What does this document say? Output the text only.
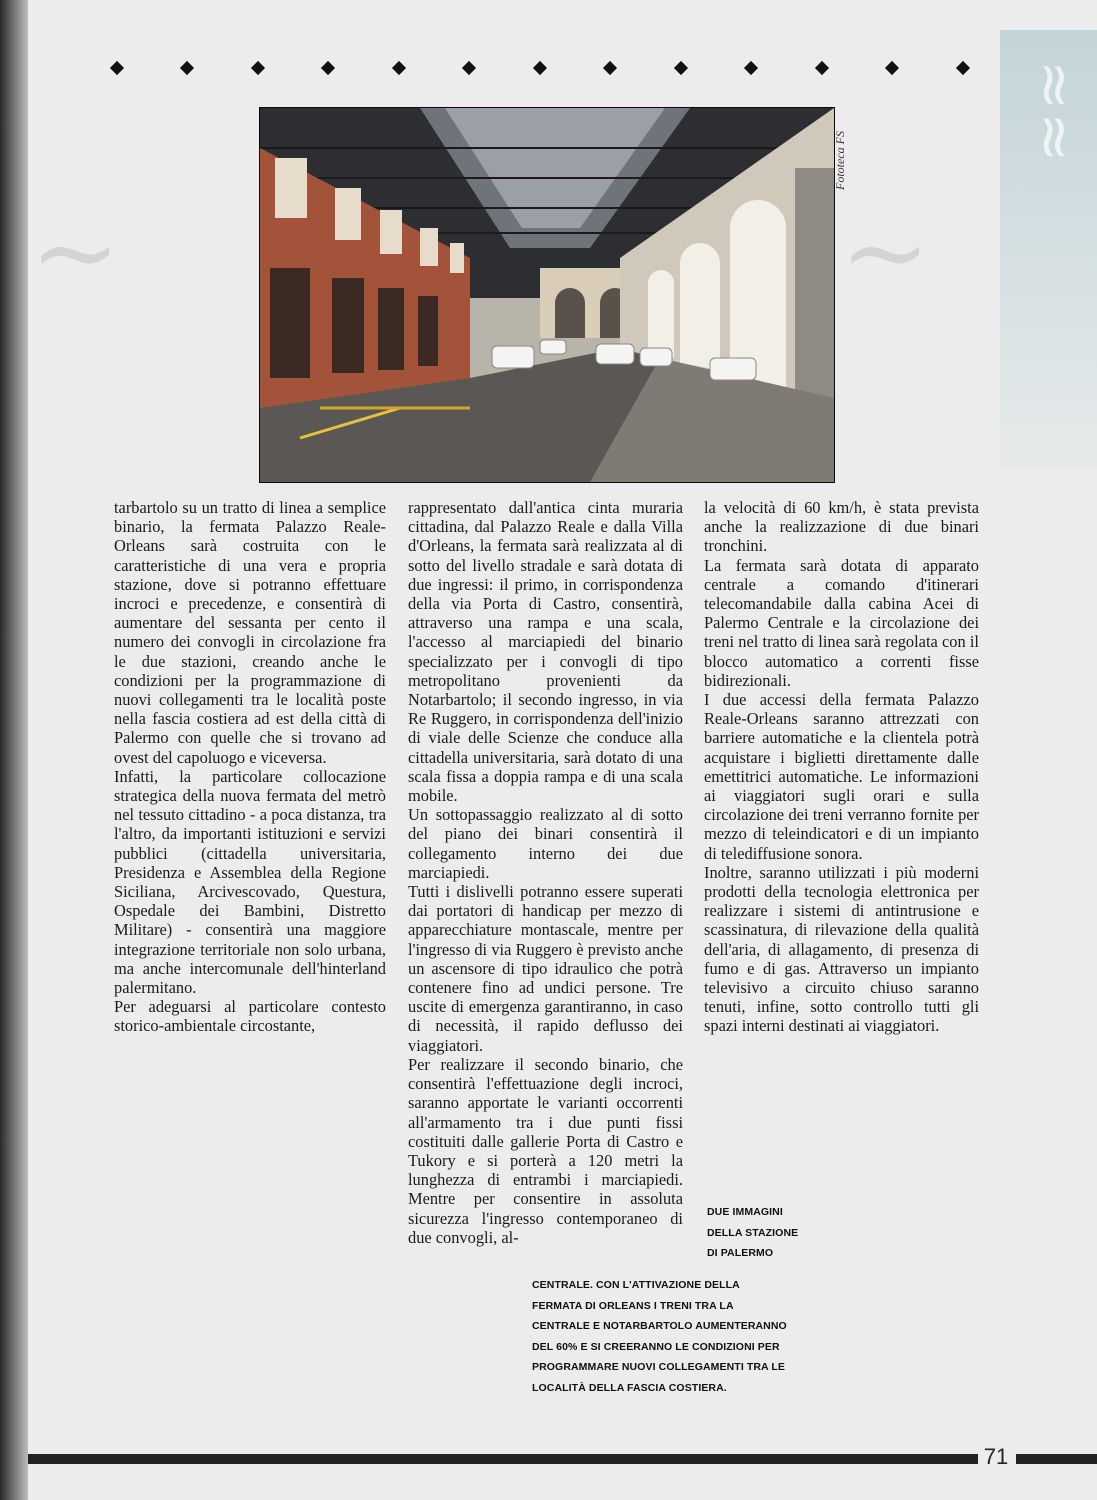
≈≈
~	~
Fototeca FS

tarbartolo su un tratto di linea a semplice binario, la fermata Palazzo Reale-Orleans sarà costruita con le caratteristiche di una vera e propria stazione, dove si potranno effettuare incroci e precedenze, e consentirà di aumentare del sessanta per cento il numero dei convogli in circolazione fra le due stazioni, creando anche le condizioni per la programmazione di nuovi collegamenti tra le località poste nella fascia costiera ad est della città di Palermo con quelle che si trovano ad ovest del capoluogo e viceversa.

Infatti, la particolare collocazione strategica della nuova fermata del metrò nel tessuto cittadino - a poca distanza, tra l'altro, da importanti istituzioni e servizi pubblici (cittadella universitaria, Presidenza e Assemblea della Regione Siciliana, Arcivescovado, Questura, Ospedale dei Bambini, Distretto Militare) - consentirà una maggiore integrazione territoriale non solo urbana, ma anche intercomunale dell'hinterland palermitano.

Per adeguarsi al particolare contesto storico-ambientale circostante,

rappresentato dall'antica cinta muraria cittadina, dal Palazzo Reale e dalla Villa d'Orleans, la fermata sarà realizzata al di sotto del livello stradale e sarà dotata di due ingressi: il primo, in corrispondenza della via Porta di Castro, consentirà, attraverso una rampa e una scala, l'accesso al marciapiedi del binario specializzato per i convogli di tipo metropolitano provenienti da Notarbartolo; il secondo ingresso, in via Re Ruggero, in corrispondenza dell'inizio di viale delle Scienze che conduce alla cittadella universitaria, sarà dotato di una scala fissa a doppia rampa e di una scala mobile.

Un sottopassaggio realizzato al di sotto del piano dei binari consentirà il collegamento interno dei due marciapiedi.

Tutti i dislivelli potranno essere superati dai portatori di handicap per mezzo di apparecchiature montascale, mentre per l'ingresso di via Ruggero è previsto anche un ascensore di tipo idraulico che potrà contenere fino ad undici persone. Tre uscite di emergenza garantiranno, in caso di necessità, il rapido deflusso dei viaggiatori.

Per realizzare il secondo binario, che consentirà l'effettuazione degli incroci, saranno apportate le varianti occorrenti all'armamento tra i due punti fissi costituiti dalle gallerie Porta di Castro e Tukory e si porterà a 120 metri la lunghezza di entrambi i marciapiedi. Mentre per consentire in assoluta sicurezza l'ingresso contemporaneo di due convogli, al-

la velocità di 60 km/h, è stata prevista anche la realizzazione di due binari tronchini.

La fermata sarà dotata di apparato centrale a comando d'itinerari telecomandabile dalla cabina Acei di Palermo Centrale e la circolazione dei treni nel tratto di linea sarà regolata con il blocco automatico a correnti fisse bidirezionali.

I due accessi della fermata Palazzo Reale-Orleans saranno attrezzati con barriere automatiche e la clientela potrà acquistare i biglietti direttamente dalle emettitrici automatiche. Le informazioni ai viaggiatori sugli orari e sulla circolazione dei treni verranno fornite per mezzo di teleindicatori e di un impianto di telediffusione sonora.

Inoltre, saranno utilizzati i più moderni prodotti della tecnologia elettronica per realizzare i sistemi di antintrusione e scassinatura, di rilevazione della qualità dell'aria, di allagamento, di presenza di fumo e di gas. Attraverso un impianto televisivo a circuito chiuso saranno tenuti, infine, sotto controllo tutti gli spazi interni destinati ai viaggiatori.

DUE IMMAGINI DELLA STAZIONE DI PALERMO
CENTRALE. CON L'ATTIVAZIONE DELLA FERMATA DI ORLEANS I TRENI TRA LA CENTRALE E NOTARBARTOLO AUMENTERANNO DEL 60% E SI CREERANNO LE CONDIZIONI PER PROGRAMMARE NUOVI COLLEGAMENTI TRA LE LOCALITÀ DELLA FASCIA COSTIERA.
71
